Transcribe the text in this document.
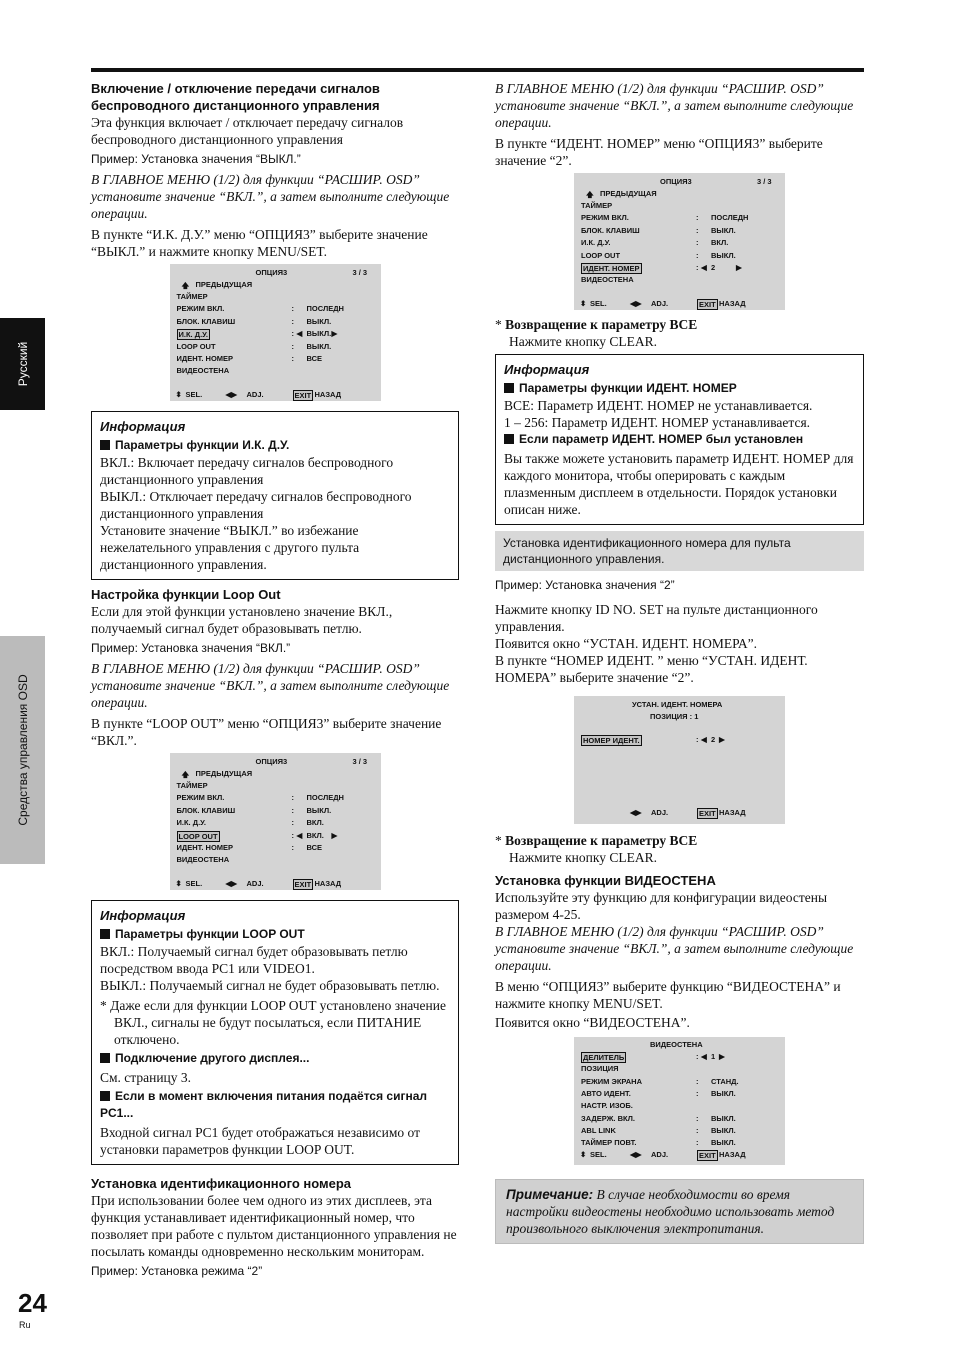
Русский
Средства управления OSD
24
Ru

Включение / отключение передачи сигналов беспроводного дистанционного управления

Эта функция включает / отключает передачу сигналов беспроводного дистанционного управления

Пример: Установка значения “ВЫКЛ.”

В ГЛАВНОЕ МЕНЮ (1/2) для функции “РАСШИР. OSD” установите значение “ВКЛ.”, а затем выполните следующие операции.

В пункте “И.К. Д.У.” меню “ОПЦИЯ3” выберите значение “ВЫКЛ.” и нажмите кнопку MENU/SET.

ОПЦИЯ3	3 / 3
🡅 ПРЕДЫДУЩАЯ
ТАЙМЕР
РЕЖИМ ВКЛ.	: ПОСЛЕДН
БЛОК. КЛАВИШ	: ВЫКЛ.
И.К. Д.У.	: ◀ ВЫКЛ. ▶
LOOP OUT	: ВЫКЛ.
ИДЕНТ. НОМЕР	: ВСЕ
ВИДЕОСТЕНА
⬍ SEL.	◀▶ ADJ.	EXIT НАЗАД
Информация
Параметры функции И.К. Д.У.

ВКЛ.: Включает передачу сигналов беспроводного дистанционного управления

ВЫКЛ.: Отключает передачу сигналов беспроводного дистанционного управления

Установите значение “ВЫКЛ.” во избежание нежелательного управления с другого пульта дистанционного управления.

Настройка функции Loop Out

Если для этой функции установлено значение ВКЛ., получаемый сигнал будет образовывать петлю.

Пример: Установка значения “ВКЛ.”

В ГЛАВНОЕ МЕНЮ (1/2) для функции “РАСШИР. OSD” установите значение “ВКЛ.”, а затем выполните следующие операции.

В пункте “LOOP OUT” меню “ОПЦИЯ3” выберите значение “ВКЛ.”.

ОПЦИЯ3	3 / 3
🡅 ПРЕДЫДУЩАЯ
ТАЙМЕР
РЕЖИМ ВКЛ.	: ПОСЛЕДН
БЛОК. КЛАВИШ	: ВЫКЛ.
И.К. Д.У.	: ВКЛ.
LOOP OUT	: ◀ ВКЛ. ▶
ИДЕНТ. НОМЕР	: ВСЕ
ВИДЕОСТЕНА
⬍ SEL.	◀▶ ADJ.	EXIT НАЗАД
Информация
Параметры функции LOOP OUT

ВКЛ.: Получаемый сигнал будет образовывать петлю посредством ввода PC1 или VIDEO1.

ВЫКЛ.: Получаемый сигнал не будет образовывать петлю.

* Даже если для функции LOOP OUT установлено значение ВКЛ., сигналы не будут посылаться, если ПИТАНИЕ отключено.

Подключение другого дисплея...

См. страницу 3.

Если в момент включения питания подаётся сигнал PC1...

Входной сигнал PC1 будет отображаться независимо от установки параметров функции LOOP OUT.

Установка идентификационного номера

При использовании более чем одного из этих дисплеев, эта функция устанавливает идентификационный номер, что позволяет при работе с пультом дистанционного управления не посылать команды одновременно нескольким мониторам.

Пример: Установка режима “2”

В ГЛАВНОЕ МЕНЮ (1/2) для функции “РАСШИР. OSD” установите значение “ВКЛ.”, а затем выполните следующие операции.

В пункте “ИДЕНТ. НОМЕР” меню “ОПЦИЯ3” выберите значение “2”.

ОПЦИЯ3	3 / 3
🡅 ПРЕДЫДУЩАЯ
ТАЙМЕР
РЕЖИМ ВКЛ.	: ПОСЛЕДН
БЛОК. КЛАВИШ	: ВЫКЛ.
И.К. Д.У.	: ВКЛ.
LOOP OUT	: ВЫКЛ.
ИДЕНТ. НОМЕР	: ◀ 2	▶
ВИДЕОСТЕНА
⬍ SEL.	◀▶ ADJ.	EXIT НАЗАД

* Возвращение к параметру ВСЕ

Нажмите кнопку CLEAR.

Информация
Параметры функции ИДЕНТ. НОМЕР

ВСЕ: Параметр ИДЕНТ. НОМЕР не устанавливается.

1 – 256: Параметр ИДЕНТ. НОМЕР устанавливается.

Если параметр ИДЕНТ. НОМЕР был установлен

Вы также можете установить параметр ИДЕНТ. НОМЕР для каждого монитора, чтобы оперировать с каждым плазменным дисплеем в отдельности. Порядок установки описан ниже.

Установка идентификационного номера для пульта дистанционного управления.

Пример: Установка значения “2”

Нажмите кнопку ID NO. SET на пульте дистанционного управления.

Появится окно “УСТАН. ИДЕНТ. НОМЕРА”.

В пункте “НОМЕР ИДЕНТ. ” меню “УСТАН. ИДЕНТ. НОМЕРА” выберите значение “2”.

УСТАН. ИДЕНТ. НОМЕРА
ПОЗИЦИЯ : 1
НОМЕР ИДЕНТ.	: ◀ 2 ▶
◀▶ ADJ.	EXIT НАЗАД

* Возвращение к параметру ВСЕ

Нажмите кнопку CLEAR.

Установка функции ВИДЕОСТЕНА

Используйте эту функцию для конфигурации видеостены размером 4-25.

В ГЛАВНОЕ МЕНЮ (1/2) для функции “РАСШИР. OSD” установите значение “ВКЛ.”, а затем выполните следующие операции.

В меню “ОПЦИЯ3” выберите функцию “ВИДЕОСТЕНА” и нажмите кнопку MENU/SET.

Появится окно “ВИДЕОСТЕНА”.

ВИДЕОСТЕНА
ДЕЛИТЕЛЬ	: ◀ 1 ▶
ПОЗИЦИЯ
РЕЖИМ ЭКРАНА	: СТАНД.
АВТО ИДЕНТ.	: ВЫКЛ.
НАСТР. ИЗОБ.
ЗАДЕРЖ. ВКЛ.	: ВЫКЛ.
ABL LINK	: ВЫКЛ.
ТАЙМЕР ПОВТ.	: ВЫКЛ.
⬍ SEL.	◀▶ ADJ.	EXIT НАЗАД
Примечание: В случае необходимости во время настройки видеостены необходимо использовать метод произвольного выключения электропитания.
